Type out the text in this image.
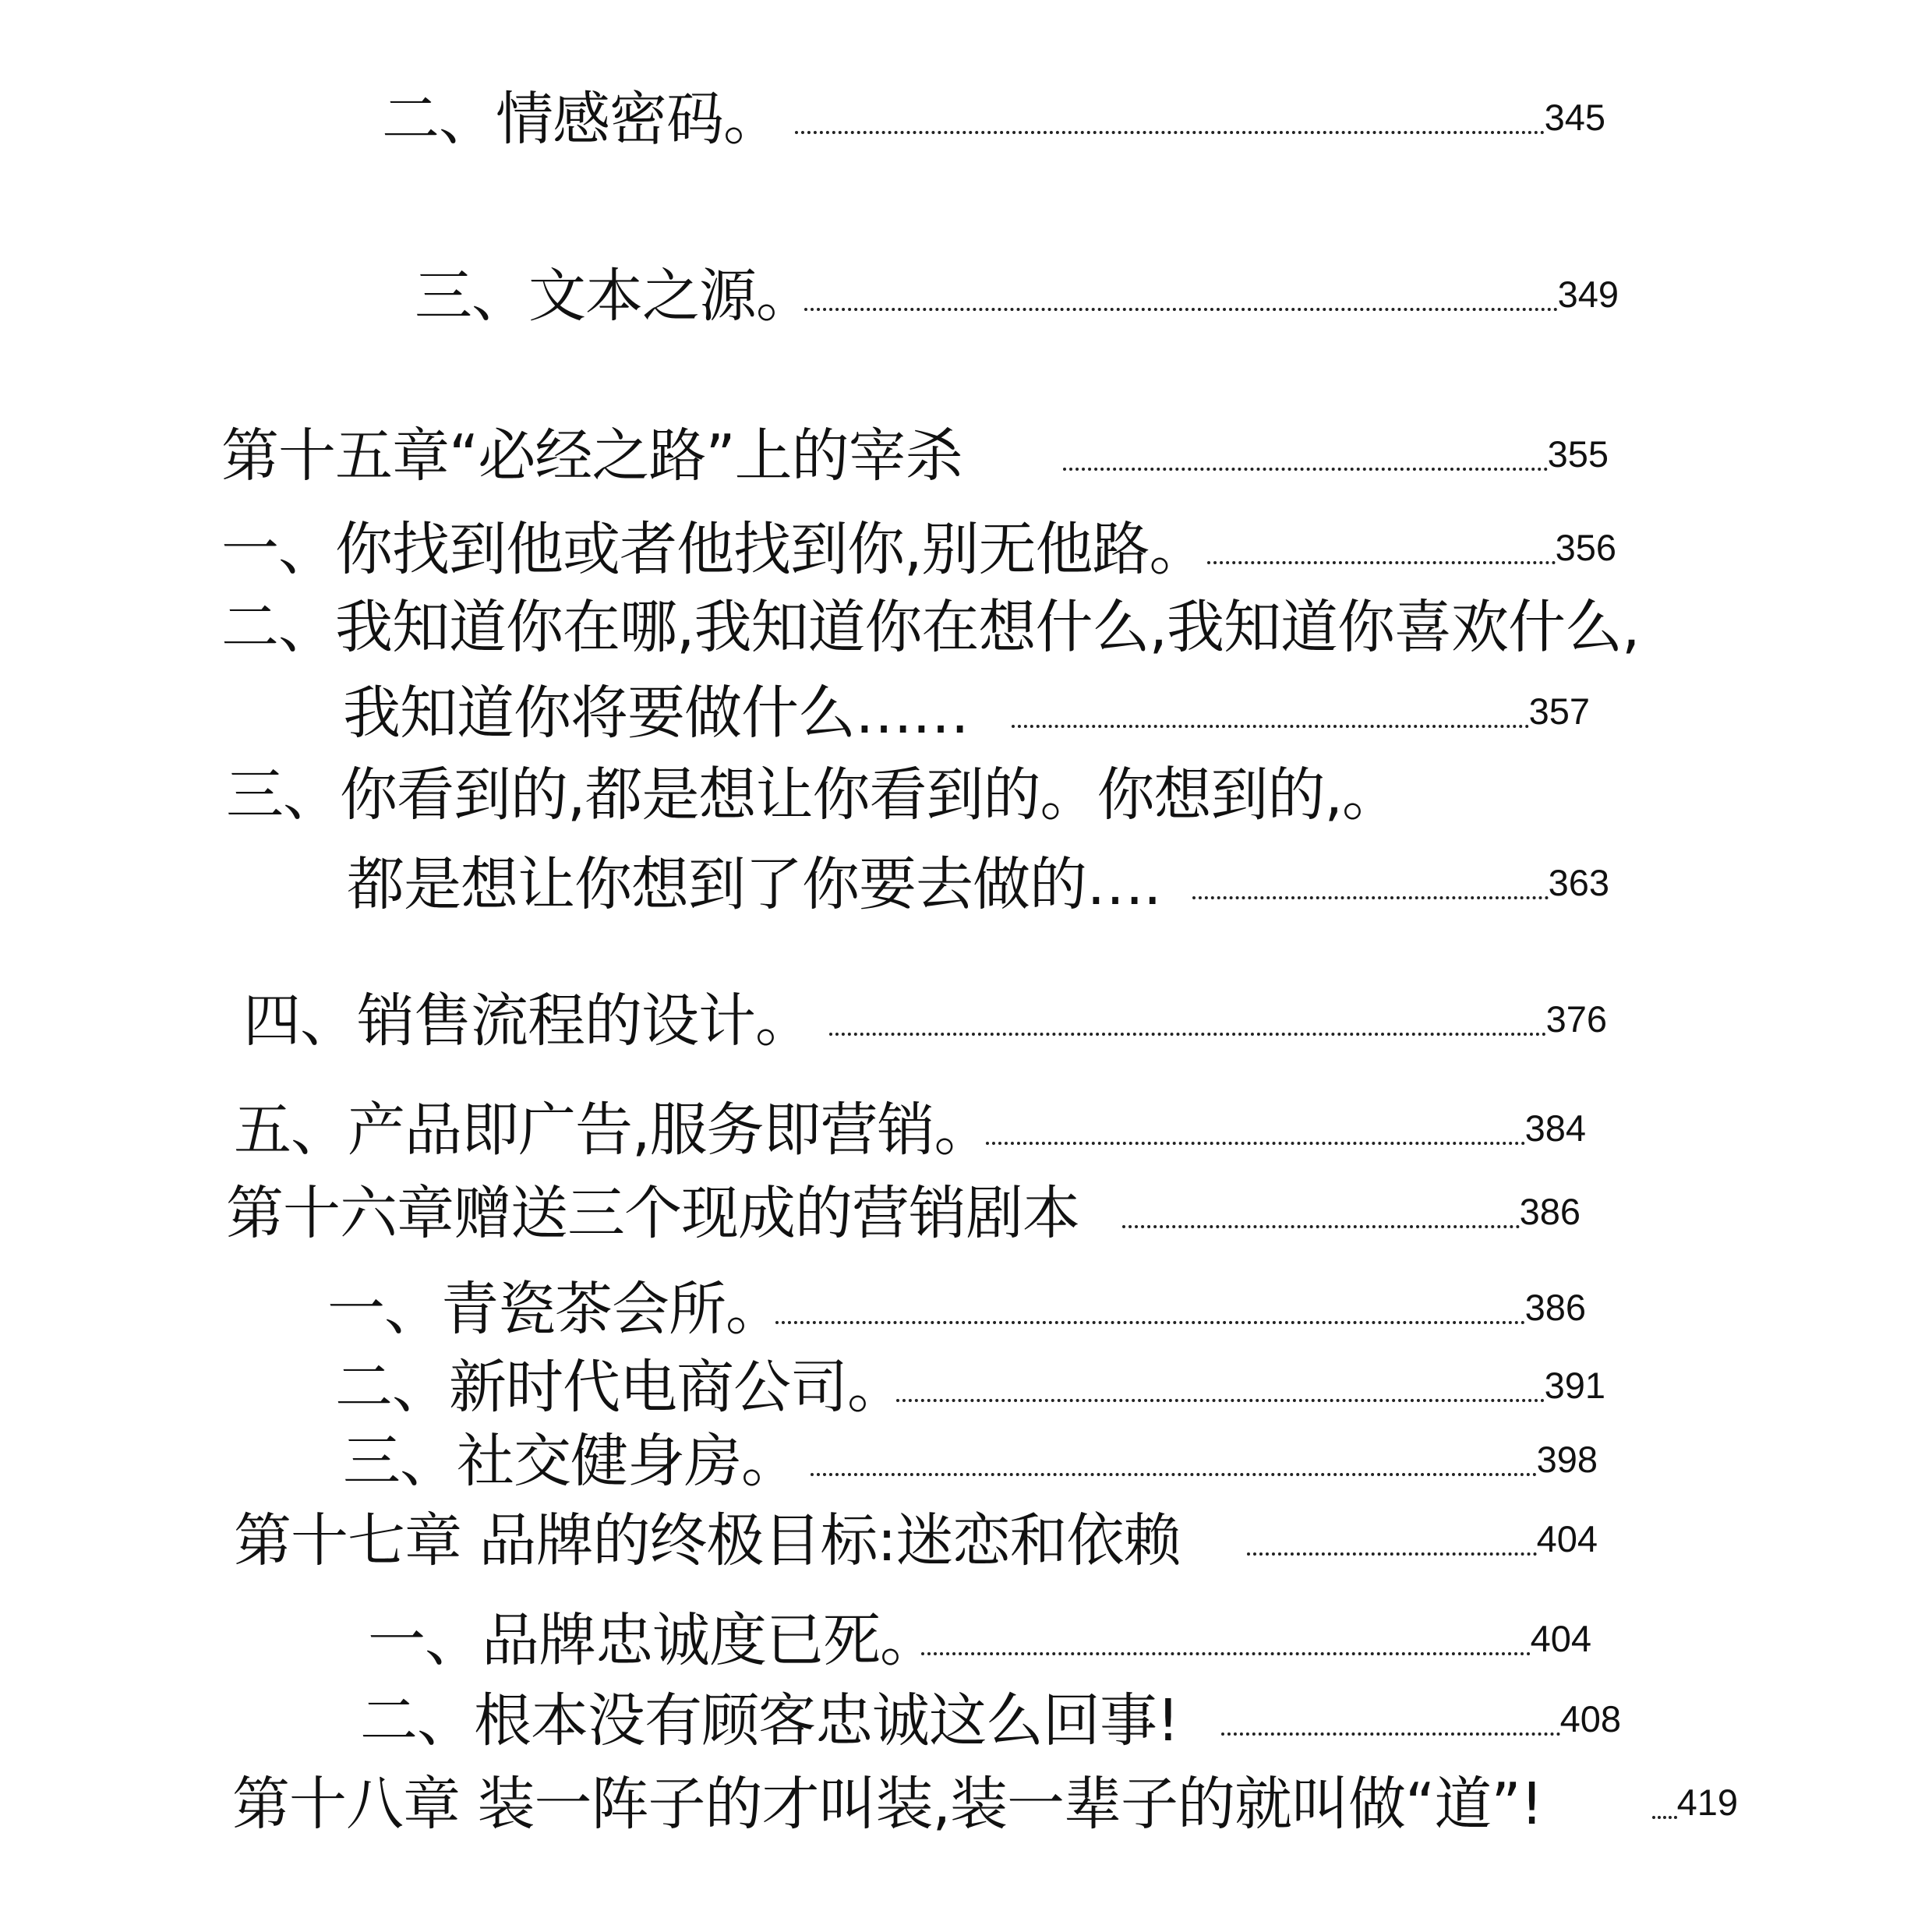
二、情感密码。	345
三、文本之源。	349
第十五章“必经之路”上的宰杀	355
一、你找到他或者他找到你,别无他路。	356
二、我知道你在哪,我知道你在想什么,我知道你喜欢什么,
我知道你将要做什么……	357
三、你看到的,都是想让你看到的。你想到的,。
都是想让你想到了你要去做的….	363
四、销售流程的设计。	376
五、产品即广告,服务即营销。	384
第十六章赠送三个现成的营销剧本	386
一、青瓷茶会所。	386
二、新时代电商公司。	391
三、社交健身房。	398
第十七章 品牌的终极目标:迷恋和依赖	404
一、品牌忠诚度已死。	404
二、根本没有顾客忠诚这么回事!	408
第十八章 装一阵子的才叫装,装一辈子的就叫做“道”!	419
